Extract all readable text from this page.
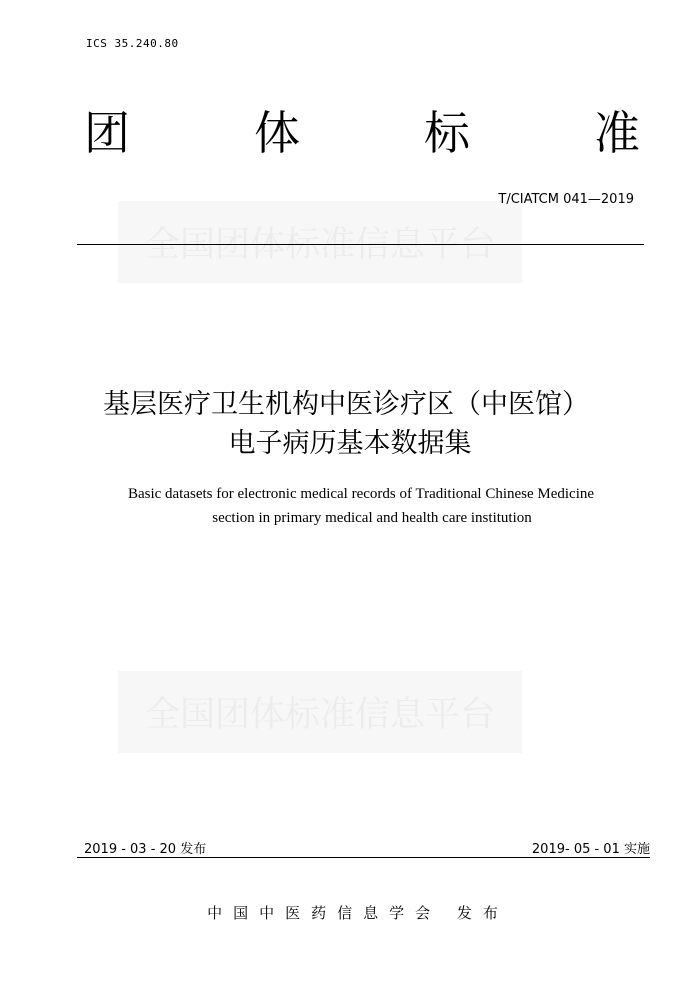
ICS 35.240.80
团	体	标	准
全国团体标准信息平台
T/CIATCM 041—2019
基层医疗卫生机构中医诊疗区（中医馆）
电子病历基本数据集
Basic datasets for electronic medical records of Traditional Chinese Medicine
section in primary medical and health care institution
全国团体标准信息平台
2019 - 03 - 20 发布	2019- 05 - 01 实施
中国中医药信息学会 发布
